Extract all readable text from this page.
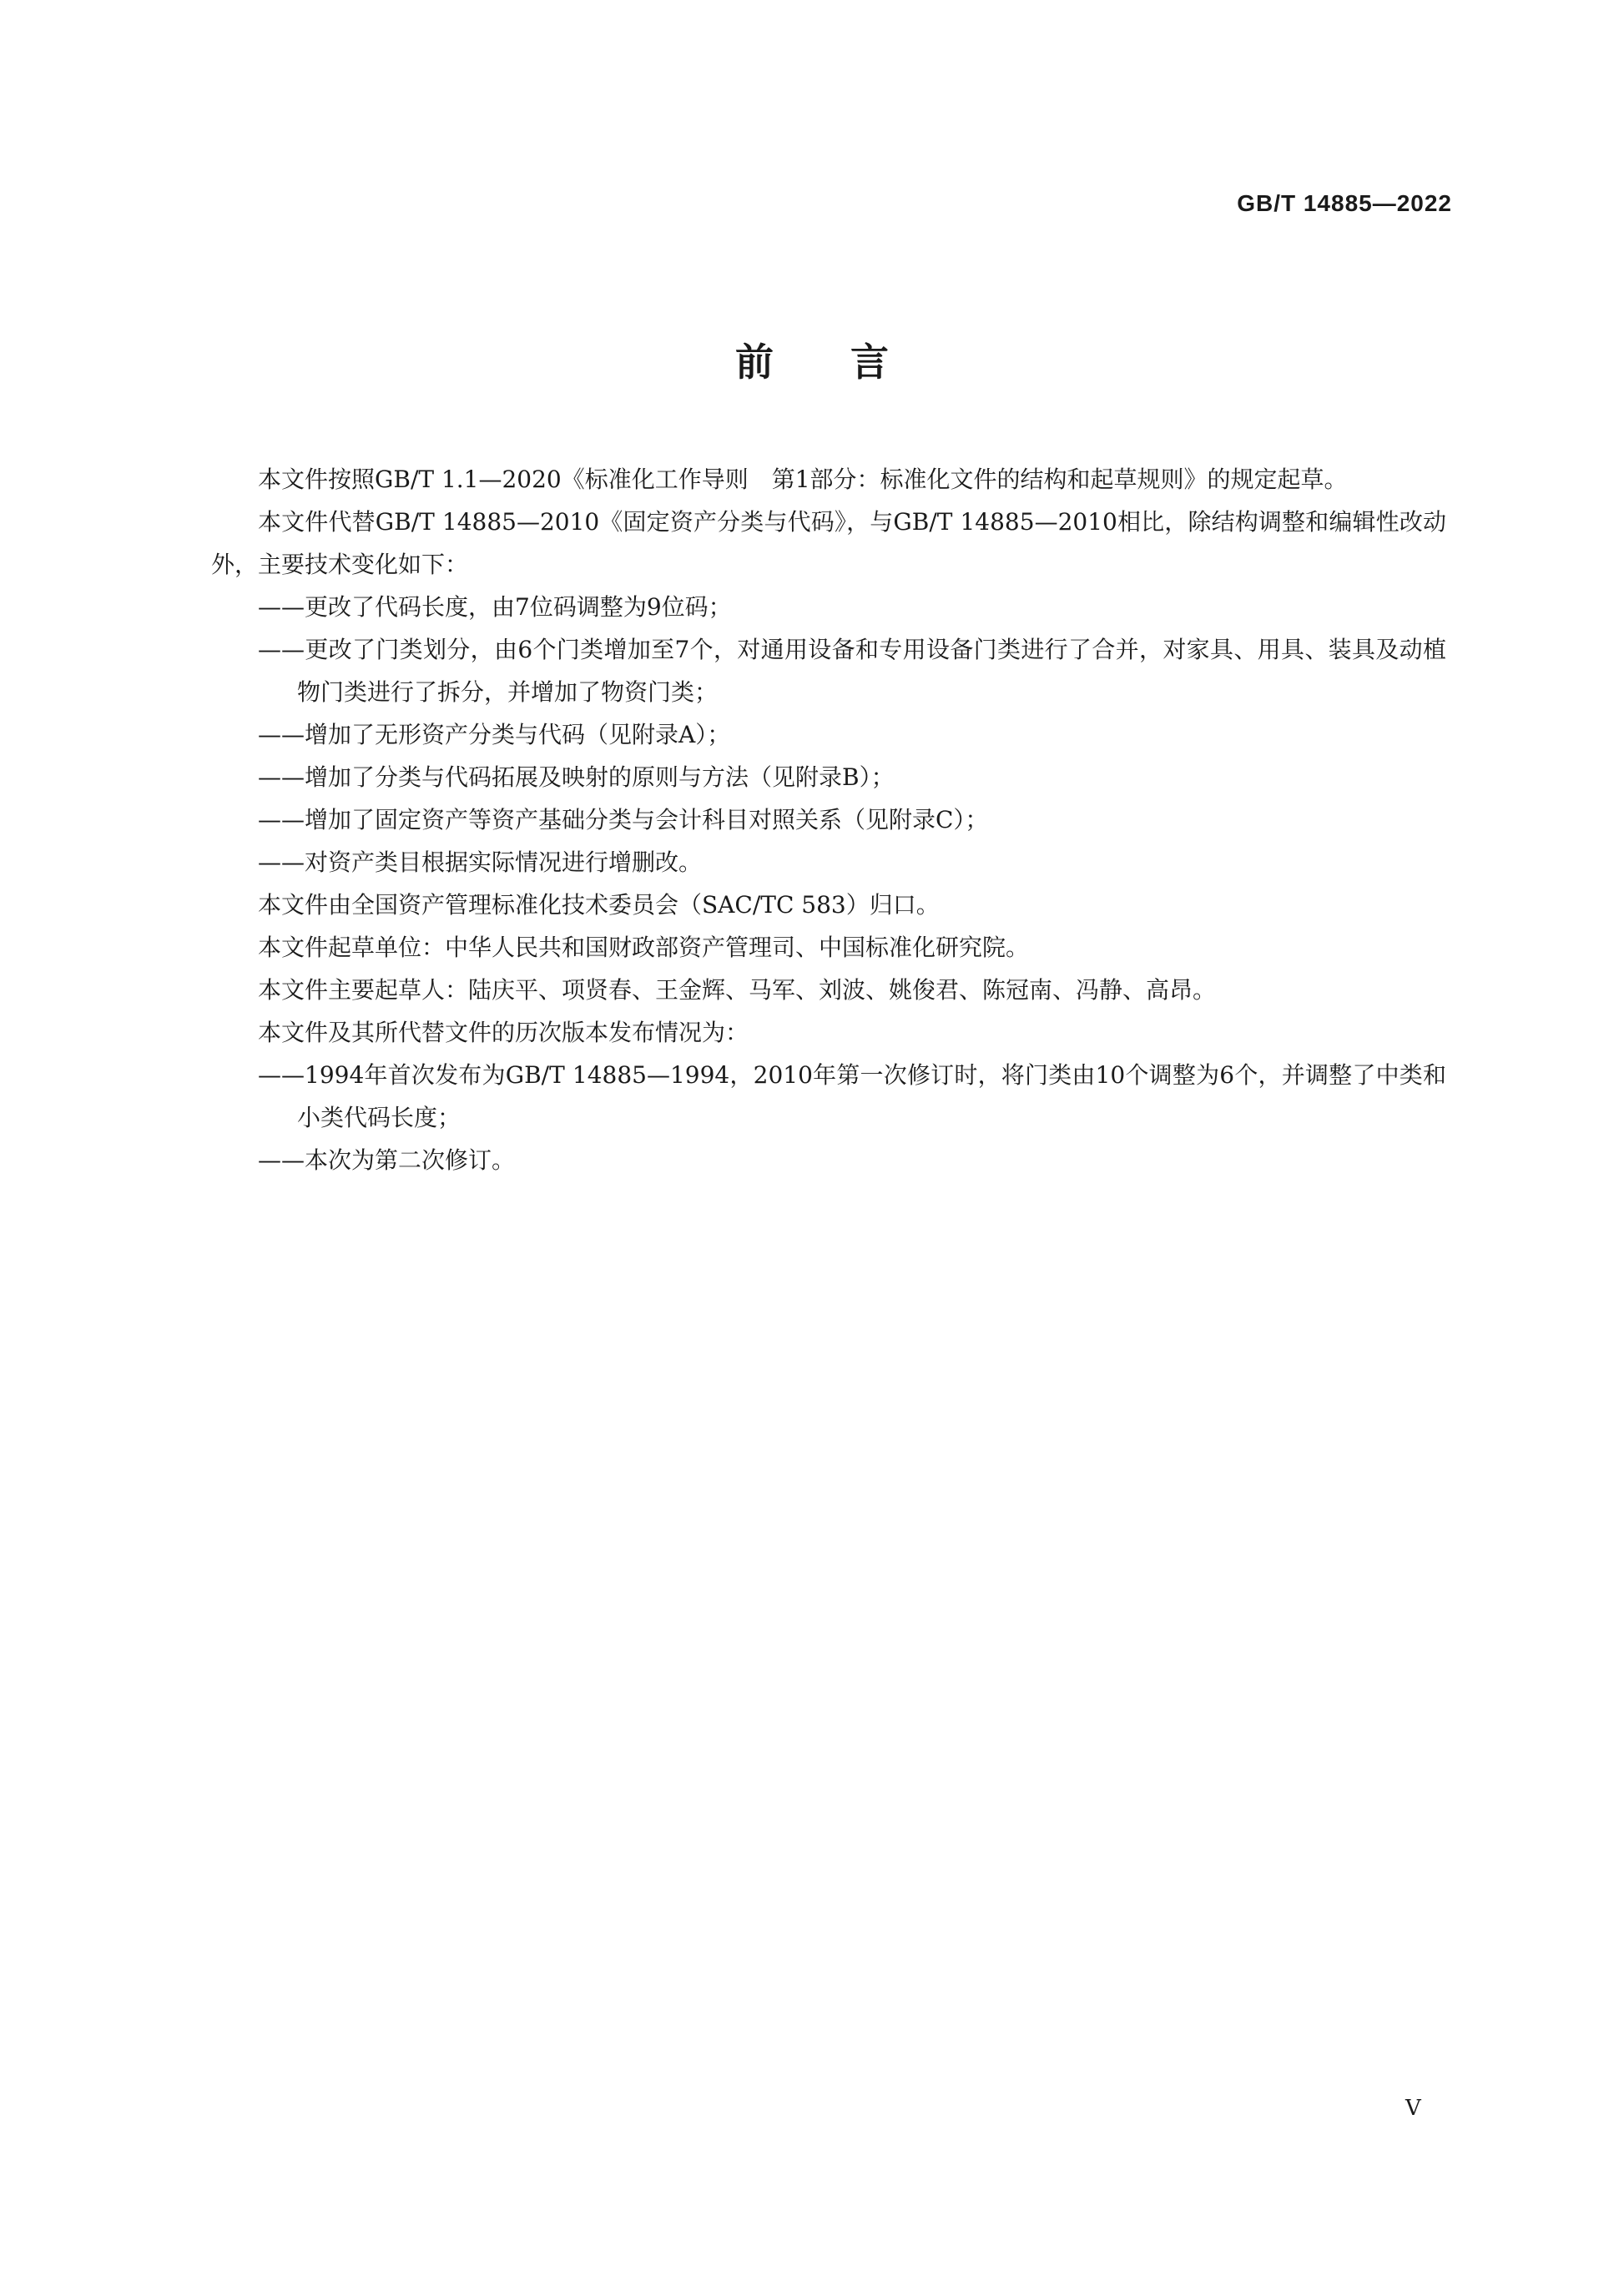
GB/T 14885—2022
前 言

本文件按照GB/T 1.1—2020《标准化工作导则　第1部分：标准化文件的结构和起草规则》的规定起草。

本文件代替GB/T 14885—2010《固定资产分类与代码》，与GB/T 14885—2010相比，除结构调整和编辑性改动外，主要技术变化如下：

——更改了代码长度，由7位码调整为9位码；

——更改了门类划分，由6个门类增加至7个，对通用设备和专用设备门类进行了合并，对家具、用具、装具及动植物门类进行了拆分，并增加了物资门类；

——增加了无形资产分类与代码（见附录A）；

——增加了分类与代码拓展及映射的原则与方法（见附录B）；

——增加了固定资产等资产基础分类与会计科目对照关系（见附录C）；

——对资产类目根据实际情况进行增删改。

本文件由全国资产管理标准化技术委员会（SAC/TC 583）归口。

本文件起草单位：中华人民共和国财政部资产管理司、中国标准化研究院。

本文件主要起草人：陆庆平、项贤春、王金辉、马军、刘波、姚俊君、陈冠南、冯静、高昂。

本文件及其所代替文件的历次版本发布情况为：

——1994年首次发布为GB/T 14885—1994，2010年第一次修订时，将门类由10个调整为6个，并调整了中类和小类代码长度；

——本次为第二次修订。

V
